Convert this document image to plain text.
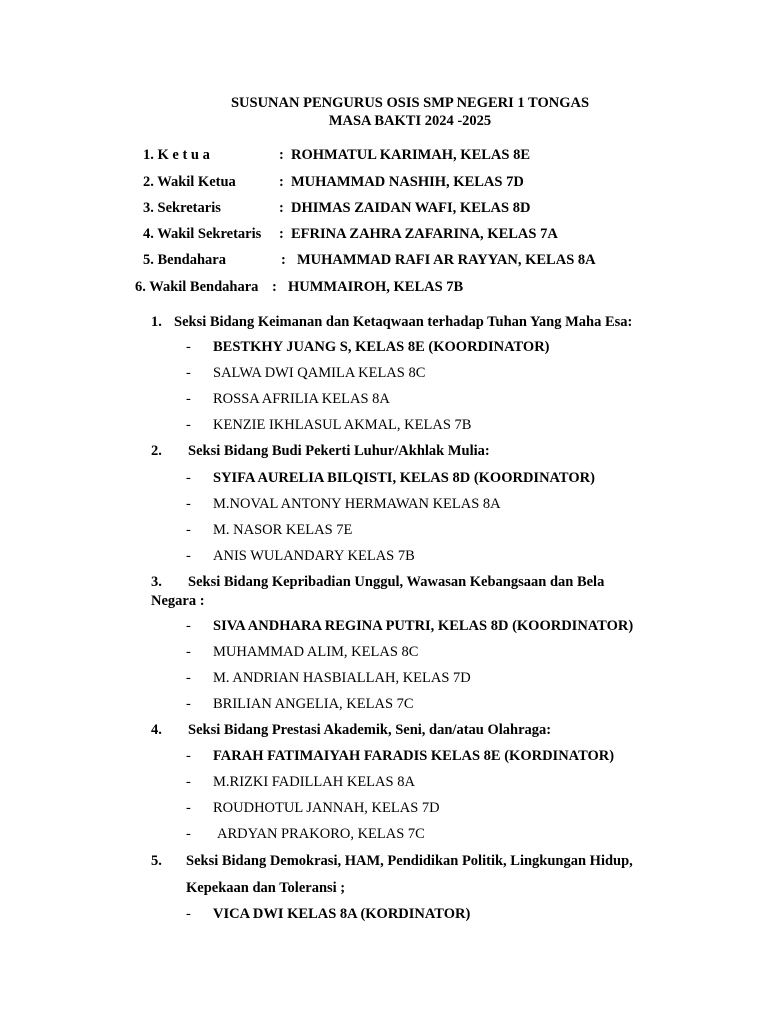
SUSUNAN PENGURUS OSIS SMP NEGERI 1 TONGAS
MASA BAKTI 2024 -2025
1. K e t u a	: ROHMATUL KARIMAH, KELAS 8E
2. Wakil Ketua	: MUHAMMAD NASHIH, KELAS 7D
3. Sekretaris	: DHIMAS ZAIDAN WAFI, KELAS 8D
4. Wakil Sekretaris : EFRINA ZAHRA ZAFARINA, KELAS 7A
5. Bendahara	: MUHAMMAD RAFI AR RAYYAN, KELAS 8A
6. Wakil Bendahara : HUMMAIROH, KELAS 7B
1. Seksi Bidang Keimanan dan Ketaqwaan terhadap Tuhan Yang Maha Esa:
- BESTKHY JUANG S, KELAS 8E (KOORDINATOR)
- SALWA DWI QAMILA KELAS 8C
- ROSSA AFRILIA KELAS 8A
- KENZIE IKHLASUL AKMAL, KELAS 7B
2. Seksi Bidang Budi Pekerti Luhur/Akhlak Mulia:
- SYIFA AURELIA BILQISTI, KELAS 8D (KOORDINATOR)
- M.NOVAL ANTONY HERMAWAN KELAS 8A
- M. NASOR KELAS 7E
- ANIS WULANDARY KELAS 7B
3. Seksi Bidang Kepribadian Unggul, Wawasan Kebangsaan dan Bela
Negara :
- SIVA ANDHARA REGINA PUTRI, KELAS 8D (KOORDINATOR)
- MUHAMMAD ALIM, KELAS 8C
- M. ANDRIAN HASBIALLAH, KELAS 7D
- BRILIAN ANGELIA, KELAS 7C
4. Seksi Bidang Prestasi Akademik, Seni, dan/atau Olahraga:
- FARAH FATIMAIYAH FARADIS KELAS 8E (KORDINATOR)
- M.RIZKI FADILLAH KELAS 8A
- ROUDHOTUL JANNAH, KELAS 7D
- ARDYAN PRAKORO, KELAS 7C
5. Seksi Bidang Demokrasi, HAM, Pendidikan Politik, Lingkungan Hidup,
Kepekaan dan Toleransi ;
- VICA DWI KELAS 8A (KORDINATOR)
